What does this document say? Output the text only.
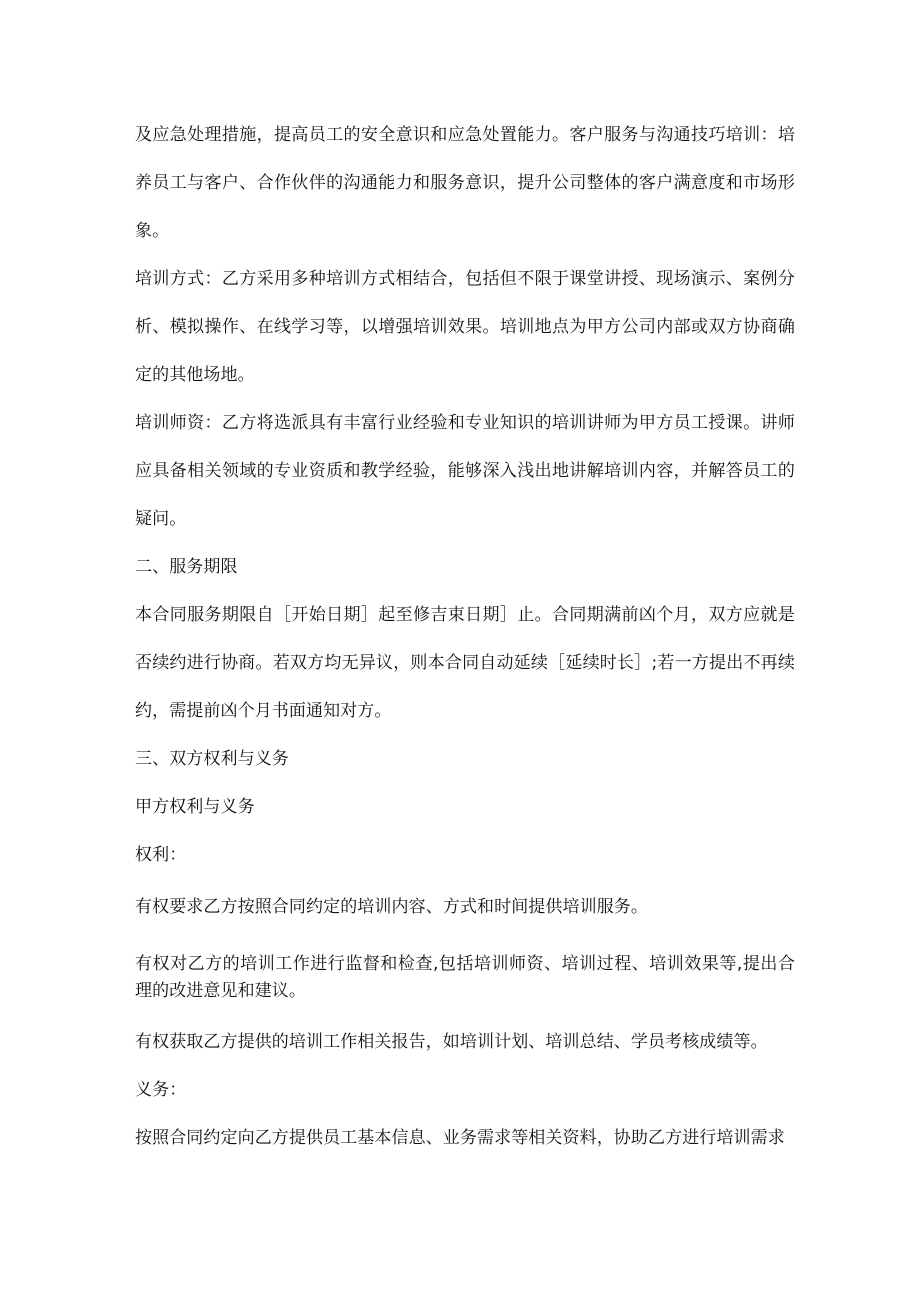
及应急处理措施，提高员工的安全意识和应急处置能力。客户服务与沟通技巧培训：培养员工与客户、合作伙伴的沟通能力和服务意识，提升公司整体的客户满意度和市场形象。

培训方式：乙方采用多种培训方式相结合，包括但不限于课堂讲授、现场演示、案例分析、模拟操作、在线学习等，以增强培训效果。培训地点为甲方公司内部或双方协商确定的其他场地。

培训师资：乙方将选派具有丰富行业经验和专业知识的培训讲师为甲方员工授课。讲师应具备相关领域的专业资质和教学经验，能够深入浅出地讲解培训内容，并解答员工的疑问。

二、服务期限

本合同服务期限自［开始日期］起至修吉束日期］止。合同期满前凶个月，双方应就是否续约进行协商。若双方均无异议，则本合同自动延续［延续时长］;若一方提出不再续约，需提前凶个月书面通知对方。

三、双方权利与义务

甲方权利与义务

权利：

有权要求乙方按照合同约定的培训内容、方式和时间提供培训服务。

有权对乙方的培训工作进行监督和检查,包括培训师资、培训过程、培训效果等,提出合理的改进意见和建议。

有权获取乙方提供的培训工作相关报告，如培训计划、培训总结、学员考核成绩等。

义务：

按照合同约定向乙方提供员工基本信息、业务需求等相关资料，协助乙方进行培训需求
